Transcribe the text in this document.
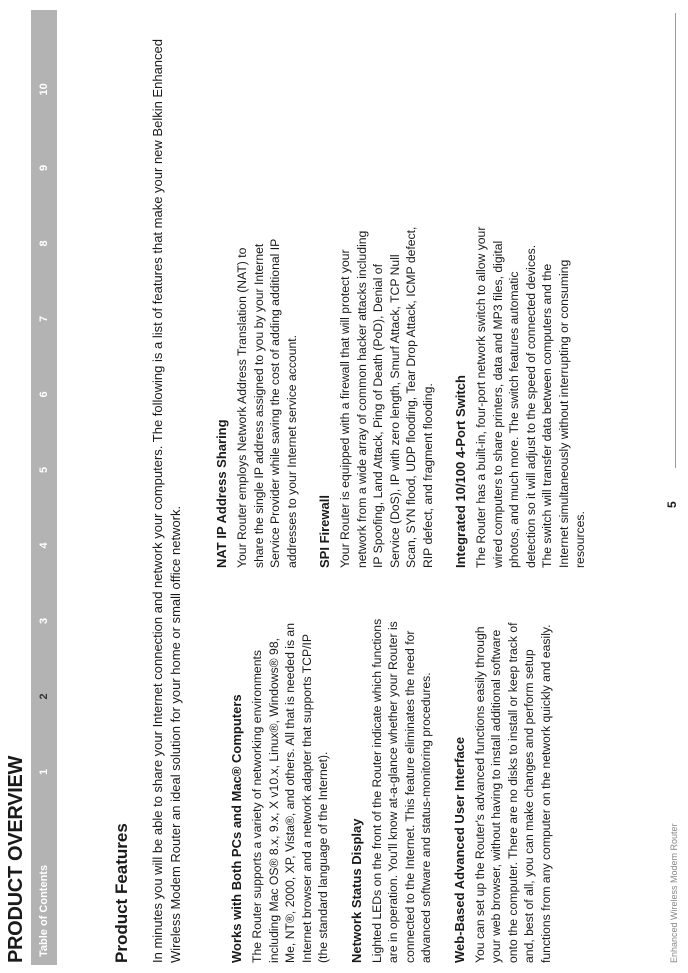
PRODUCT OVERVIEW Table of Contents
1
2
3
4
5
6
7
8
9
10
Product Features In minutes you will be able to share your Internet connection and network your computers. The following is a list of features that make your new Belkin Enhanced Wireless Modem Router an ideal solution for your home or small office network.	Works with Both PCs and Mac® Computers The Router supports a variety of networking environments including Mac OS® 8.x, 9.x, X v10.x, Linux®, Windows® 98, Me, NT®, 2000, XP, Vista®, and others. All that is needed is an Internet browser and a network adapter that supports TCP/IP (the standard language of the Internet). Network Status Display Lighted LEDs on the front of the Router indicate which functions are in operation. You'll know at-a-glance whether your Router is connected to the Internet. This feature eliminates the need for advanced software and status-monitoring procedures. Web-Based Advanced User Interface You can set up the Router's advanced functions easily through your web browser, without having to install additional software onto the computer. There are no disks to install or keep track of and, best of all, you can make changes and perform setup functions from any computer on the network quickly and easily.

NAT IP Address Sharing Your Router employs Network Address Translation (NAT) to share the single IP address assigned to you by your Internet Service Provider while saving the cost of adding additional IP addresses to your Internet service account. SPI Firewall Your Router is equipped with a firewall that will protect your network from a wide array of common hacker attacks including IP Spoofing, Land Attack, Ping of Death (PoD), Denial of Service (DoS), IP with zero length, Smurf Attack, TCP Null Scan, SYN flood, UDP flooding, Tear Drop Attack, ICMP defect, RIP defect, and fragment flooding. Integrated 10/100 4-Port Switch The Router has a built-in, four-port network switch to allow your wired computers to share printers, data and MP3 files, digital photos, and much more. The switch features automatic detection so it will adjust to the speed of connected devices. The switch will transfer data between computers and the Internet simultaneously without interrupting or consuming resources.

Enhanced Wireless Modem Router
5
